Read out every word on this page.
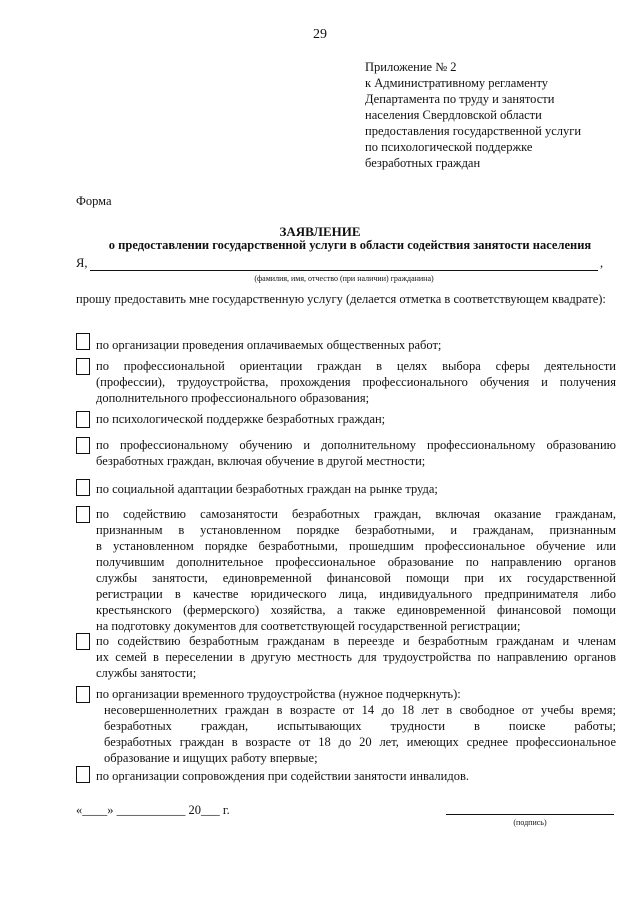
29
Приложение № 2
к Административному регламенту
Департамента по труду и занятости
населения Свердловской области
предоставления государственной услуги
по психологической поддержке
безработных граждан
Форма
ЗАЯВЛЕНИЕ
о предоставлении государственной услуги в области содействия занятости населения
Я,	,
(фамилия, имя, отчество (при наличии) гражданина)
прошу предоставить мне государственную услугу (делается отметка в соответствующем квадрате):
по организации проведения оплачиваемых общественных работ;
по профессиональной ориентации граждан в целях выбора сферы деятельности
(профессии), трудоустройства, прохождения профессионального обучения и получения
дополнительного профессионального образования;
по психологической поддержке безработных граждан;
по профессиональному обучению и дополнительному профессиональному образованию
безработных граждан, включая обучение в другой местности;
по социальной адаптации безработных граждан на рынке труда;
по содействию самозанятости безработных граждан, включая оказание гражданам,
признанным в установленном порядке безработными, и гражданам, признанным
в установленном порядке безработными, прошедшим профессиональное обучение или
получившим дополнительное профессиональное образование по направлению органов
службы занятости, единовременной финансовой помощи при их государственной
регистрации в качестве юридического лица, индивидуального предпринимателя либо
крестьянского (фермерского) хозяйства, а также единовременной финансовой помощи
на подготовку документов для соответствующей государственной регистрации;
по содействию безработным гражданам в переезде и безработным гражданам и членам
их семей в переселении в другую местность для трудоустройства по направлению органов
службы занятости;
по организации временного трудоустройства (нужное подчеркнуть):
несовершеннолетних граждан в возрасте от 14 до 18 лет в свободное от учебы время;
безработных граждан, испытывающих трудности в поиске работы;
безработных граждан в возрасте от 18 до 20 лет, имеющих среднее профессиональное образование и ищущих работу впервые;
по организации сопровождения при содействии занятости инвалидов.
«____» ___________ 20___ г.
(подпись)
